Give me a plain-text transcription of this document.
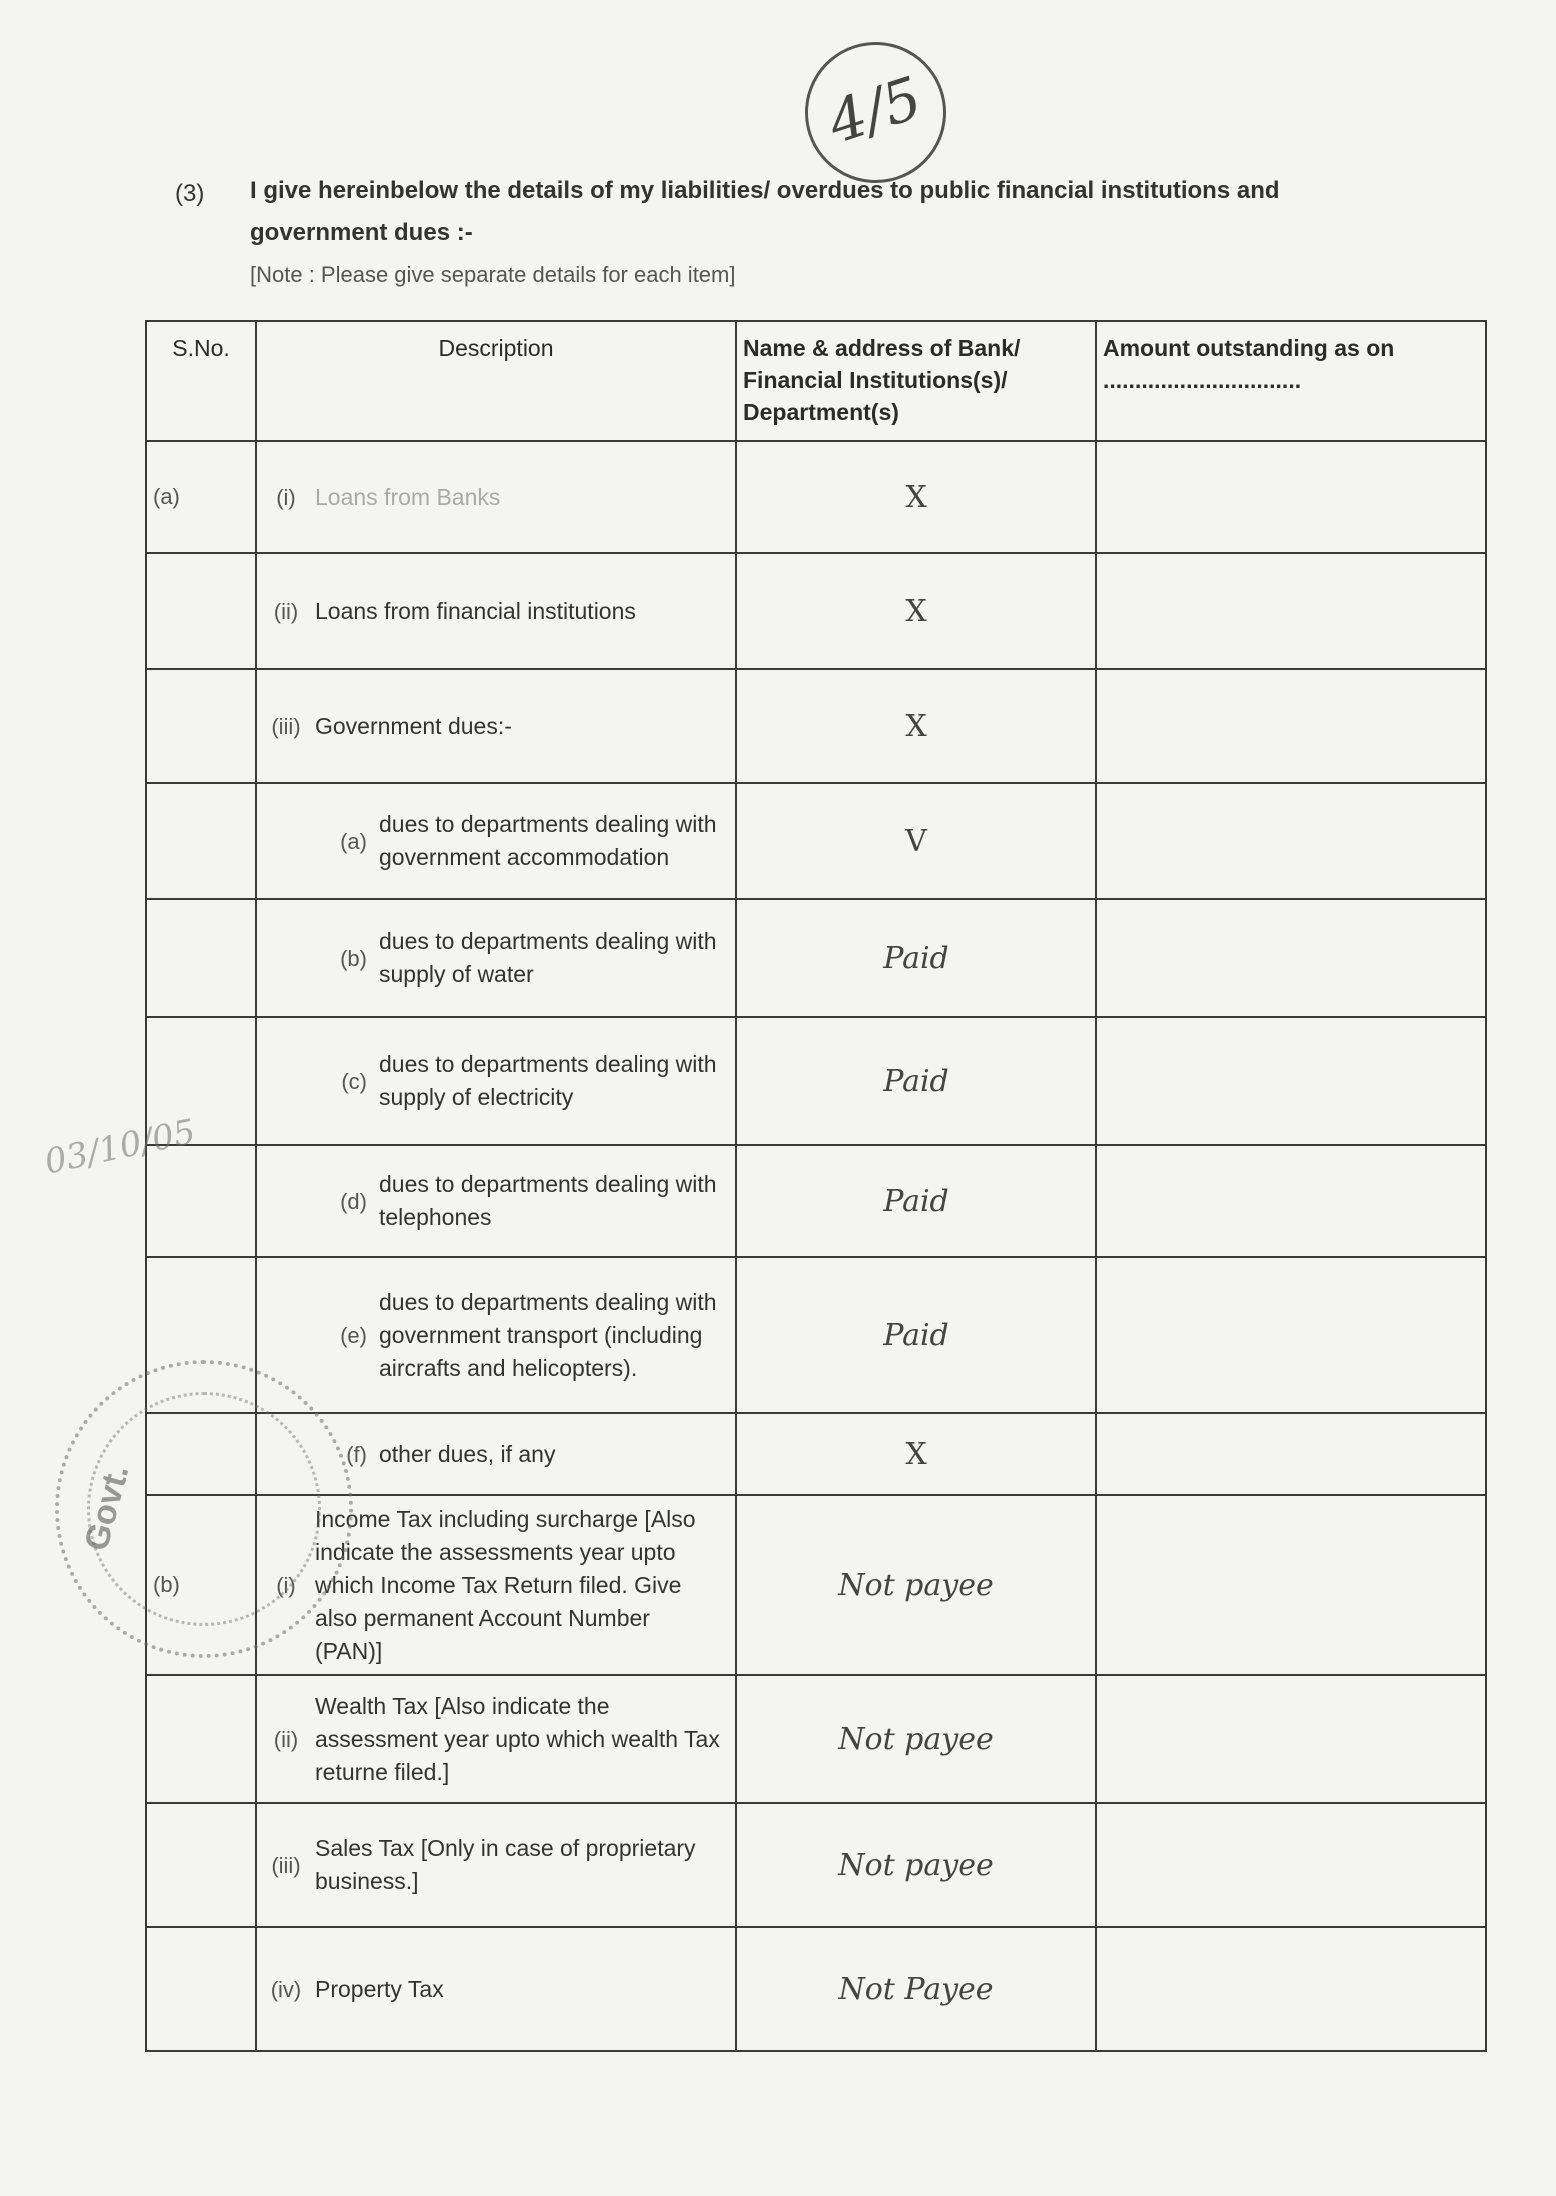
4/5
(3) I give hereinbelow the details of my liabilities/ overdues to public financial institutions and government dues :-
[Note : Please give separate details for each item]
S.No.	Description	Name & address of Bank/ Financial Institutions(s)/ Department(s)	Amount outstanding as on ...............................
(a)	(i) Loans from Banks	X	
	(ii) Loans from financial institutions	X	
	(iii) Government dues:-	X	
	(a)dues to departments dealing with government accommodation	V	
	(b)dues to departments dealing with supply of water	Paid	
	(c)dues to departments dealing with supply of electricity	Paid	
	(d)dues to departments dealing with telephones	Paid	
	(e)dues to departments dealing with government transport (including aircrafts and helicopters).	Paid	
	(f) other dues, if any	X	
(b)	(i)Income Tax including surcharge [Also indicate the assessments year upto which Income Tax Return filed. Give also permanent Account Number (PAN)]	Not payee	
	(ii)Wealth Tax [Also indicate the assessment year upto which wealth Tax returne filed.]	Not payee	
	(iii)Sales Tax [Only in case of proprietary business.]	Not payee	
	(iv) Property Tax	Not Payee	
03/10/05
Govt.
